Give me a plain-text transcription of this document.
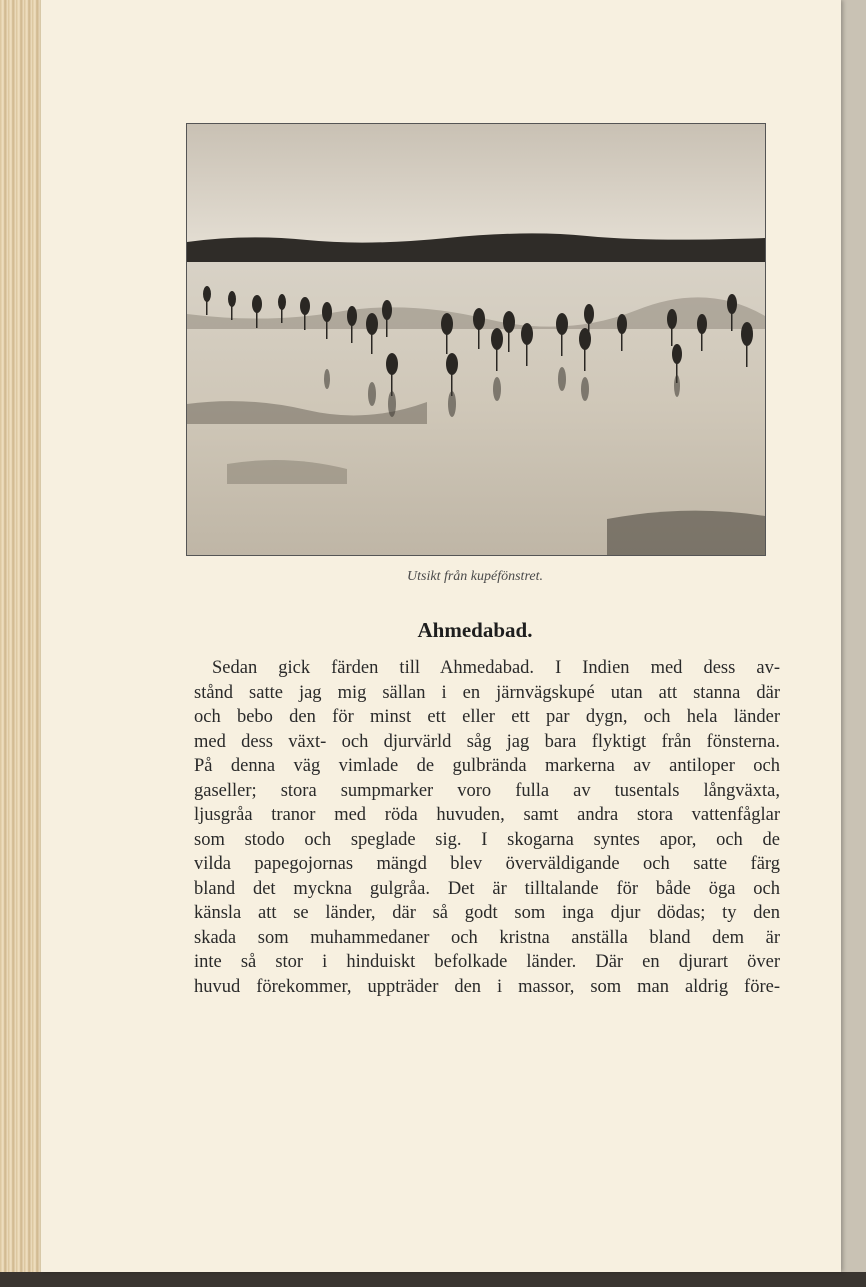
Utsikt från kupéfönstret.
Ahmedabad.
Sedan gick färden till Ahmedabad. I Indien med dess av-
stånd satte jag mig sällan i en järnvägskupé utan att stanna där
och bebo den för minst ett eller ett par dygn, och hela länder
med dess växt- och djurvärld såg jag bara flyktigt från fönsterna.
På denna väg vimlade de gulbrända markerna av antiloper och
gaseller; stora sumpmarker voro fulla av tusentals långväxta,
ljusgråa tranor med röda huvuden, samt andra stora vattenfåglar
som stodo och speglade sig. I skogarna syntes apor, och de
vilda papegojornas mängd blev överväldigande och satte färg
bland det myckna gulgråa. Det är tilltalande för både öga och
känsla att se länder, där så godt som inga djur dödas; ty den
skada som muhammedaner och kristna anställa bland dem är
inte så stor i hinduiskt befolkade länder. Där en djurart över
huvud förekommer, uppträder den i massor, som man aldrig före-
